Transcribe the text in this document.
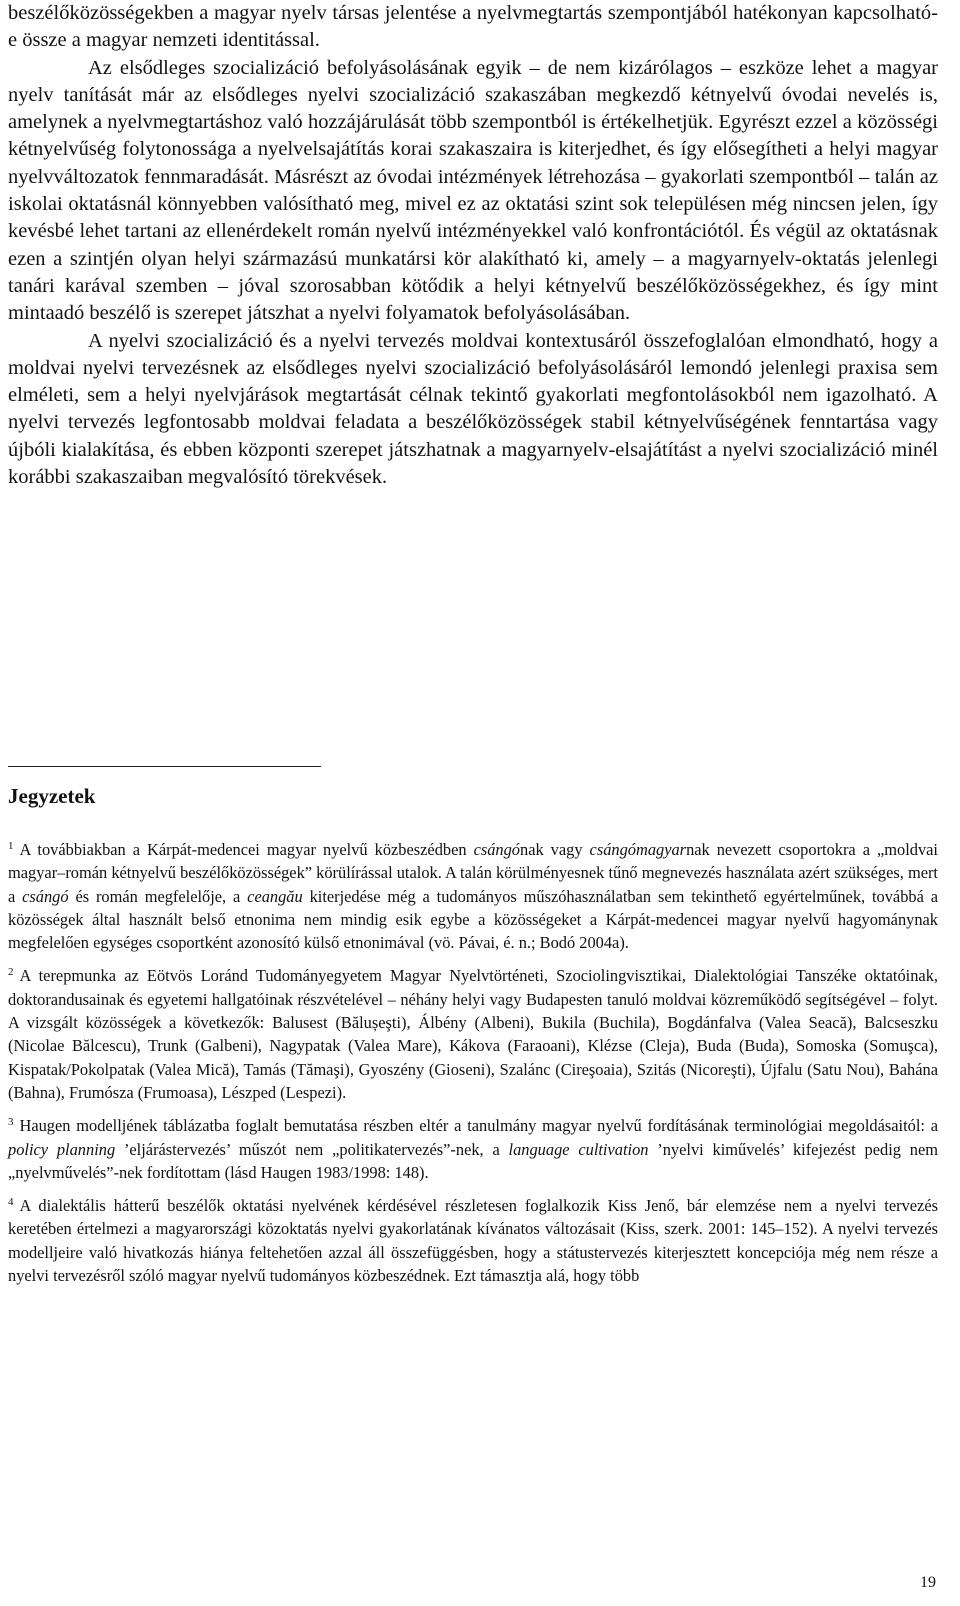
beszélőközösségekben a magyar nyelv társas jelentése a nyelvmegtartás szempontjából hatékonyan kapcsolható-e össze a magyar nemzeti identitással.

Az elsődleges szocializáció befolyásolásának egyik – de nem kizárólagos – eszköze lehet a magyar nyelv tanítását már az elsődleges nyelvi szocializáció szakaszában megkezdő kétnyelvű óvodai nevelés is, amelynek a nyelvmegtartáshoz való hozzájárulását több szempontból is értékelhetjük. Egyrészt ezzel a közösségi kétnyelvűség folytonossága a nyelvelsajátítás korai szakaszaira is kiterjedhet, és így elősegítheti a helyi magyar nyelvváltozatok fennmaradását. Másrészt az óvodai intézmények létrehozása – gyakorlati szempontból – talán az iskolai oktatásnál könnyebben valósítható meg, mivel ez az oktatási szint sok településen még nincsen jelen, így kevésbé lehet tartani az ellenérdekelt román nyelvű intézményekkel való konfrontációtól. És végül az oktatásnak ezen a szintjén olyan helyi származású munkatársi kör alakítható ki, amely – a magyarnyelv-oktatás jelenlegi tanári karával szemben – jóval szorosabban kötődik a helyi kétnyelvű beszélőközösségekhez, és így mint mintaadó beszélő is szerepet játszhat a nyelvi folyamatok befolyásolásában.

A nyelvi szocializáció és a nyelvi tervezés moldvai kontextusáról összefoglalóan elmondható, hogy a moldvai nyelvi tervezésnek az elsődleges nyelvi szocializáció befolyásolásáról lemondó jelenlegi praxisa sem elméleti, sem a helyi nyelvjárások megtartását célnak tekintő gyakorlati megfontolásokból nem igazolható. A nyelvi tervezés legfontosabb moldvai feladata a beszélőközösségek stabil kétnyelvűségének fenntartása vagy újbóli kialakítása, és ebben központi szerepet játszhatnak a magyarnyelv-elsajátítást a nyelvi szocializáció minél korábbi szakaszaiban megvalósító törekvések.

Jegyzetek

$^1$ A továbbiakban a Kárpát-medencei magyar nyelvű közbeszédben csángónak vagy csángómagyarnak nevezett csoportokra a „moldvai magyar–román kétnyelvű beszélőközösségek” körülírással utalok. A talán körülményesnek tűnő megnevezés használata azért szükséges, mert a csángó és román megfelelője, a ceangău kiterjedése még a tudományos műszóhasználatban sem tekinthető egyértelműnek, továbbá a közösségek által használt belső etnonima nem mindig esik egybe a közösségeket a Kárpát-medencei magyar nyelvű hagyománynak megfelelően egységes csoportként azonosító külső etnonimával (vö. Pávai, é. n.; Bodó 2004a).

$^2$ A terepmunka az Eötvös Loránd Tudományegyetem Magyar Nyelvtörténeti, Szociolingvisztikai, Dialektológiai Tanszéke oktatóinak, doktorandusainak és egyetemi hallgatóinak részvételével – néhány helyi vagy Budapesten tanuló moldvai közreműködő segítségével – folyt. A vizsgált közösségek a következők: Balusest (Bălușeşti), Álbény (Albeni), Bukila (Buchila), Bogdánfalva (Valea Seacă), Balcseszku (Nicolae Bălcescu), Trunk (Galbeni), Nagypatak (Valea Mare), Kákova (Faraoani), Klézse (Cleja), Buda (Buda), Somoska (Somuşca), Kispatak/Pokolpatak (Valea Mică), Tamás (Tămaşi), Gyoszény (Gioseni), Szalánc (Cireşoaia), Szitás (Nicoreşti), Újfalu (Satu Nou), Bahána (Bahna), Frumósza (Frumoasa), Lészped (Lespezi).

$^3$ Haugen modelljének táblázatba foglalt bemutatása részben eltér a tanulmány magyar nyelvű fordításának terminológiai megoldásaitól: a policy planning ’eljárástervezés’ műszót nem „politikatervezés”-nek, a language cultivation ’nyelvi kiművelés’ kifejezést pedig nem „nyelvművelés”-nek fordítottam (lásd Haugen 1983/1998: 148).

$^4$ A dialektális hátterű beszélők oktatási nyelvének kérdésével részletesen foglalkozik Kiss Jenő, bár elemzése nem a nyelvi tervezés keretében értelmezi a magyarországi közoktatás nyelvi gyakorlatának kívánatos változásait (Kiss, szerk. 2001: 145–152). A nyelvi tervezés modelljeire való hivatkozás hiánya feltehetően azzal áll összefüggésben, hogy a státustervezés kiterjesztett koncepciója még nem része a nyelvi tervezésről szóló magyar nyelvű tudományos közbeszédnek. Ezt támasztja alá, hogy több

19
